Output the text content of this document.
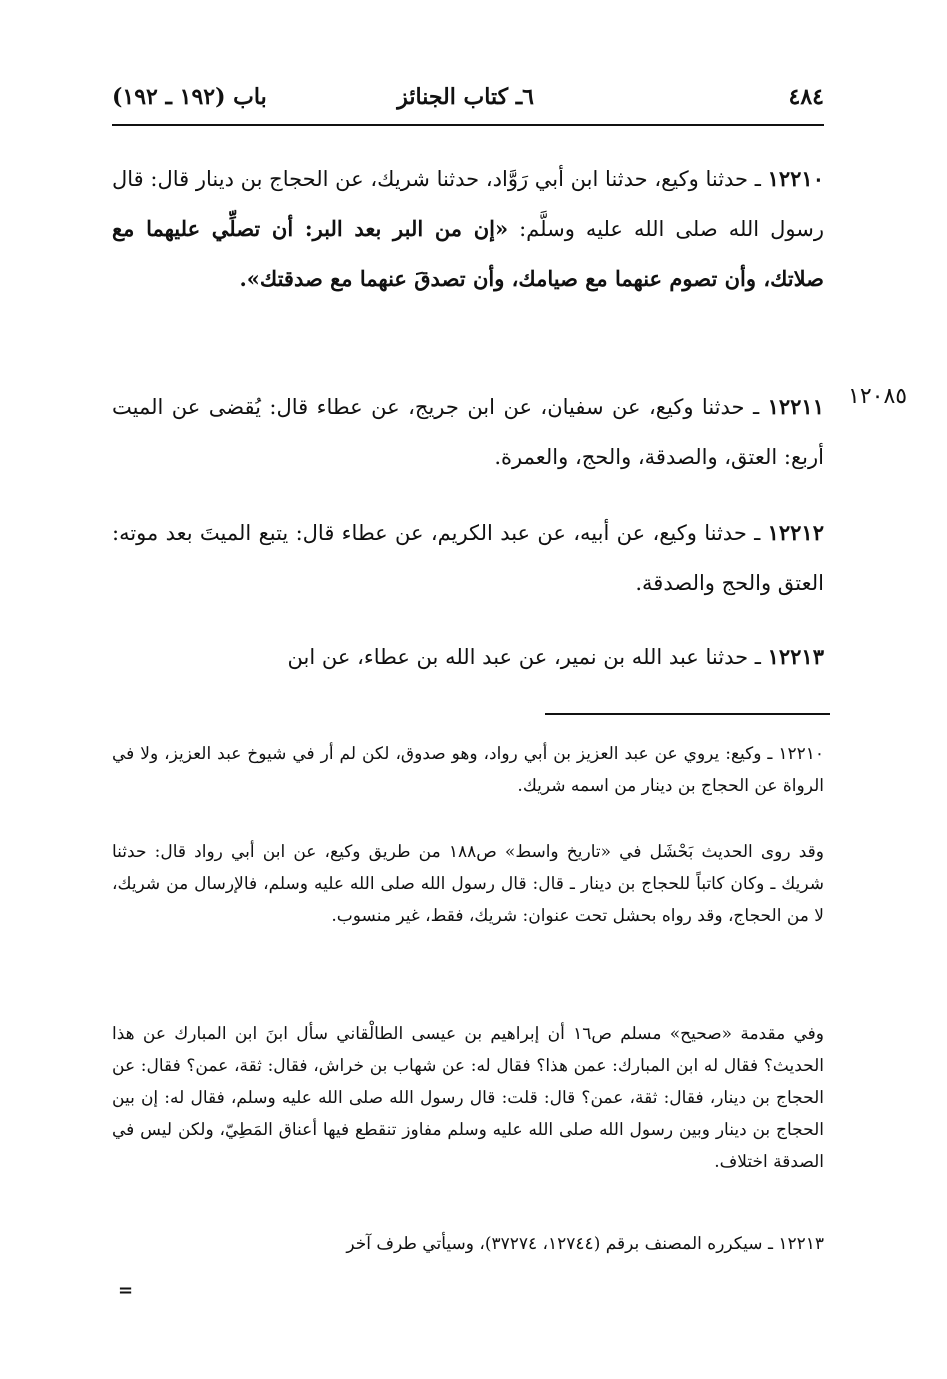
٤٨٤
٦ـ كتاب الجنائز
باب (١٩٢ ـ ١٩٢)
١٢٠٨٥
١٢٢١٠ ـ حدثنا وكيع، حدثنا ابن أبي رَوَّاد، حدثنا شريك، عن الحجاج بن دينار قال: قال رسول الله صلى الله عليه وسلَّم: «إن من البر بعد البر: أن تصلِّي عليهما مع صلاتك، وأن تصوم عنهما مع صيامك، وأن تصدقَ عنهما مع صدقتك».
١٢٢١١ ـ حدثنا وكيع، عن سفيان، عن ابن جريج، عن عطاء قال: يُقضى عن الميت أربع: العتق، والصدقة، والحج، والعمرة.
١٢٢١٢ ـ حدثنا وكيع، عن أبيه، عن عبد الكريم، عن عطاء قال: يتبع الميتَ بعد موته: العتق والحج والصدقة.
١٢٢١٣ ـ حدثنا عبد الله بن نمير، عن عبد الله بن عطاء، عن ابن
١٢٢١٠ ـ وكيع: يروي عن عبد العزيز بن أبي رواد، وهو صدوق، لكن لم أر في شيوخ عبد العزيز، ولا في الرواة عن الحجاج بن دينار من اسمه شريك.
وقد روى الحديث بَحْشَل في «تاريخ واسط» ص١٨٨ من طريق وكيع، عن ابن أبي رواد قال: حدثنا شريك ـ وكان كاتباً للحجاج بن دينار ـ قال: قال رسول الله صلى الله عليه وسلم، فالإرسال من شريك، لا من الحجاج، وقد رواه بحشل تحت عنوان: شريك، فقط، غير منسوب.
وفي مقدمة «صحيح» مسلم ص١٦ أن إبراهيم بن عيسى الطالْقاني سأل ابنَ ابن المبارك عن هذا الحديث؟ فقال له ابن المبارك: عمن هذا؟ فقال له: عن شهاب بن خراش، فقال: ثقة، عمن؟ فقال: عن الحجاج بن دينار، فقال: ثقة، عمن؟ قال: قلت: قال رسول الله صلى الله عليه وسلم، فقال له: إن بين الحجاج بن دينار وبين رسول الله صلى الله عليه وسلم مفاوز تنقطع فيها أعناق المَطِيّ، ولكن ليس في الصدقة اختلاف.
١٢٢١٣ ـ سيكرره المصنف برقم (١٢٧٤٤، ٣٧٢٧٤)، وسيأتي طرف آخر
=
